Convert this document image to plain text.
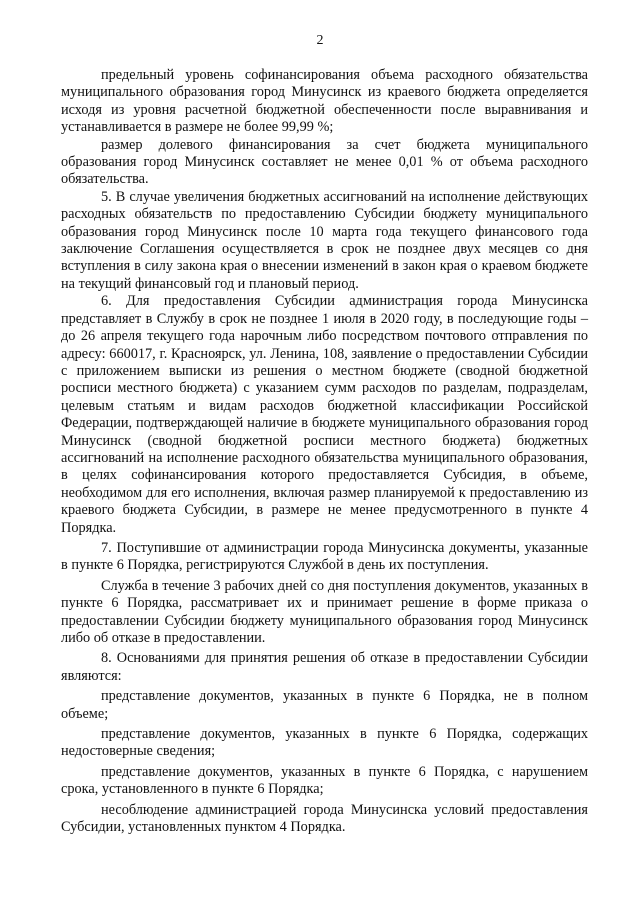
2

предельный уровень софинансирования объема расходного обязательства муниципального образования город Минусинск из краевого бюджета определяется исходя из уровня расчетной бюджетной обеспеченности после выравнивания и устанавливается в размере не более 99,99 %;

размер долевого финансирования за счет бюджета муниципального образования город Минусинск составляет не менее 0,01 % от объема расходного обязательства.

5. В случае увеличения бюджетных ассигнований на исполнение действующих расходных обязательств по предоставлению Субсидии бюджету муниципального образования город Минусинск после 10 марта года текущего финансового года заключение Соглашения осуществляется в срок не позднее двух месяцев со дня вступления в силу закона края о внесении изменений в закон края о краевом бюджете на текущий финансовый год и плановый период.

6. Для предоставления Субсидии администрация города Минусинска представляет в Службу в срок не позднее 1 июля в 2020 году, в последующие годы – до 26 апреля текущего года нарочным либо посредством почтового отправления по адресу: 660017, г. Красноярск, ул. Ленина, 108, заявление о предоставлении Субсидии с приложением выписки из решения о местном бюджете (сводной бюджетной росписи местного бюджета) с указанием сумм расходов по разделам, подразделам, целевым статьям и видам расходов бюджетной классификации Российской Федерации, подтверждающей наличие в бюджете муниципального образования город Минусинск (сводной бюджетной росписи местного бюджета) бюджетных ассигнований на исполнение расходного обязательства муниципального образования, в целях софинансирования которого предоставляется Субсидия, в объеме, необходимом для его исполнения, включая размер планируемой к предоставлению из краевого бюджета Субсидии, в размере не менее предусмотренного в пункте 4 Порядка.

7. Поступившие от администрации города Минусинска документы, указанные в пункте 6 Порядка, регистрируются Службой в день их поступления.

Служба в течение 3 рабочих дней со дня поступления документов, указанных в пункте 6 Порядка, рассматривает их и принимает решение в форме приказа о предоставлении Субсидии бюджету муниципального образования город Минусинск либо об отказе в предоставлении.

8. Основаниями для принятия решения об отказе в предоставлении Субсидии являются:

представление документов, указанных в пункте 6 Порядка, не в полном объеме;

представление документов, указанных в пункте 6 Порядка, содержащих недостоверные сведения;

представление документов, указанных в пункте 6 Порядка, с нарушением срока, установленного в пункте 6 Порядка;

несоблюдение администрацией города Минусинска условий предоставления Субсидии, установленных пунктом 4 Порядка.
